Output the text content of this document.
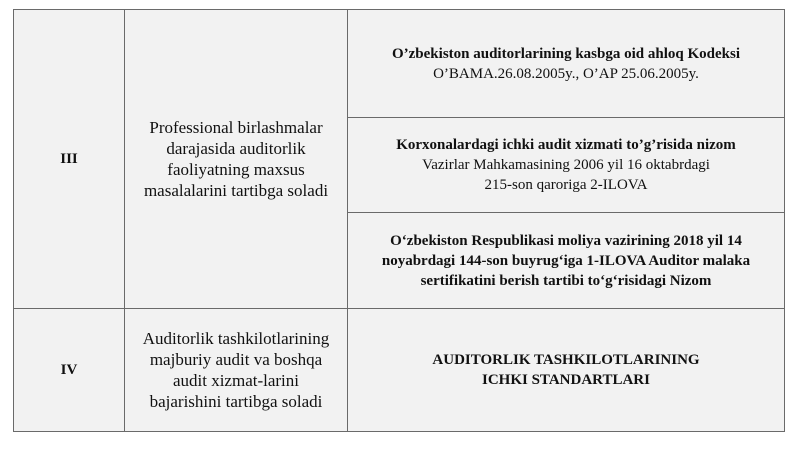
III
Professional birlashmalar
darajasida auditorlik
faoliyatning maxsus
masalalarini tartibga soladi
O’zbekiston auditorlarining kasbga oid ahloq Kodeksi
O’BAMA.26.08.2005y., O’AP 25.06.2005y.
Korxonalardagi ichki audit xizmati to’g’risida nizom
Vazirlar Mahkamasining 2006 yil 16 oktabrdagi
215-son qaroriga 2-ILOVA
O‘zbekiston Respublikasi moliya vazirining 2018 yil 14
noyabrdagi 144-son buyrug‘iga 1-ILOVA Auditor malaka
sertifikatini berish tartibi to‘g‘risidagi Nizom
IV
Auditorlik tashkilotlarining
majburiy audit va boshqa
audit xizmat-larini
bajarishini tartibga soladi
AUDITORLIK TASHKILOTLARINING
ICHKI STANDARTLARI
